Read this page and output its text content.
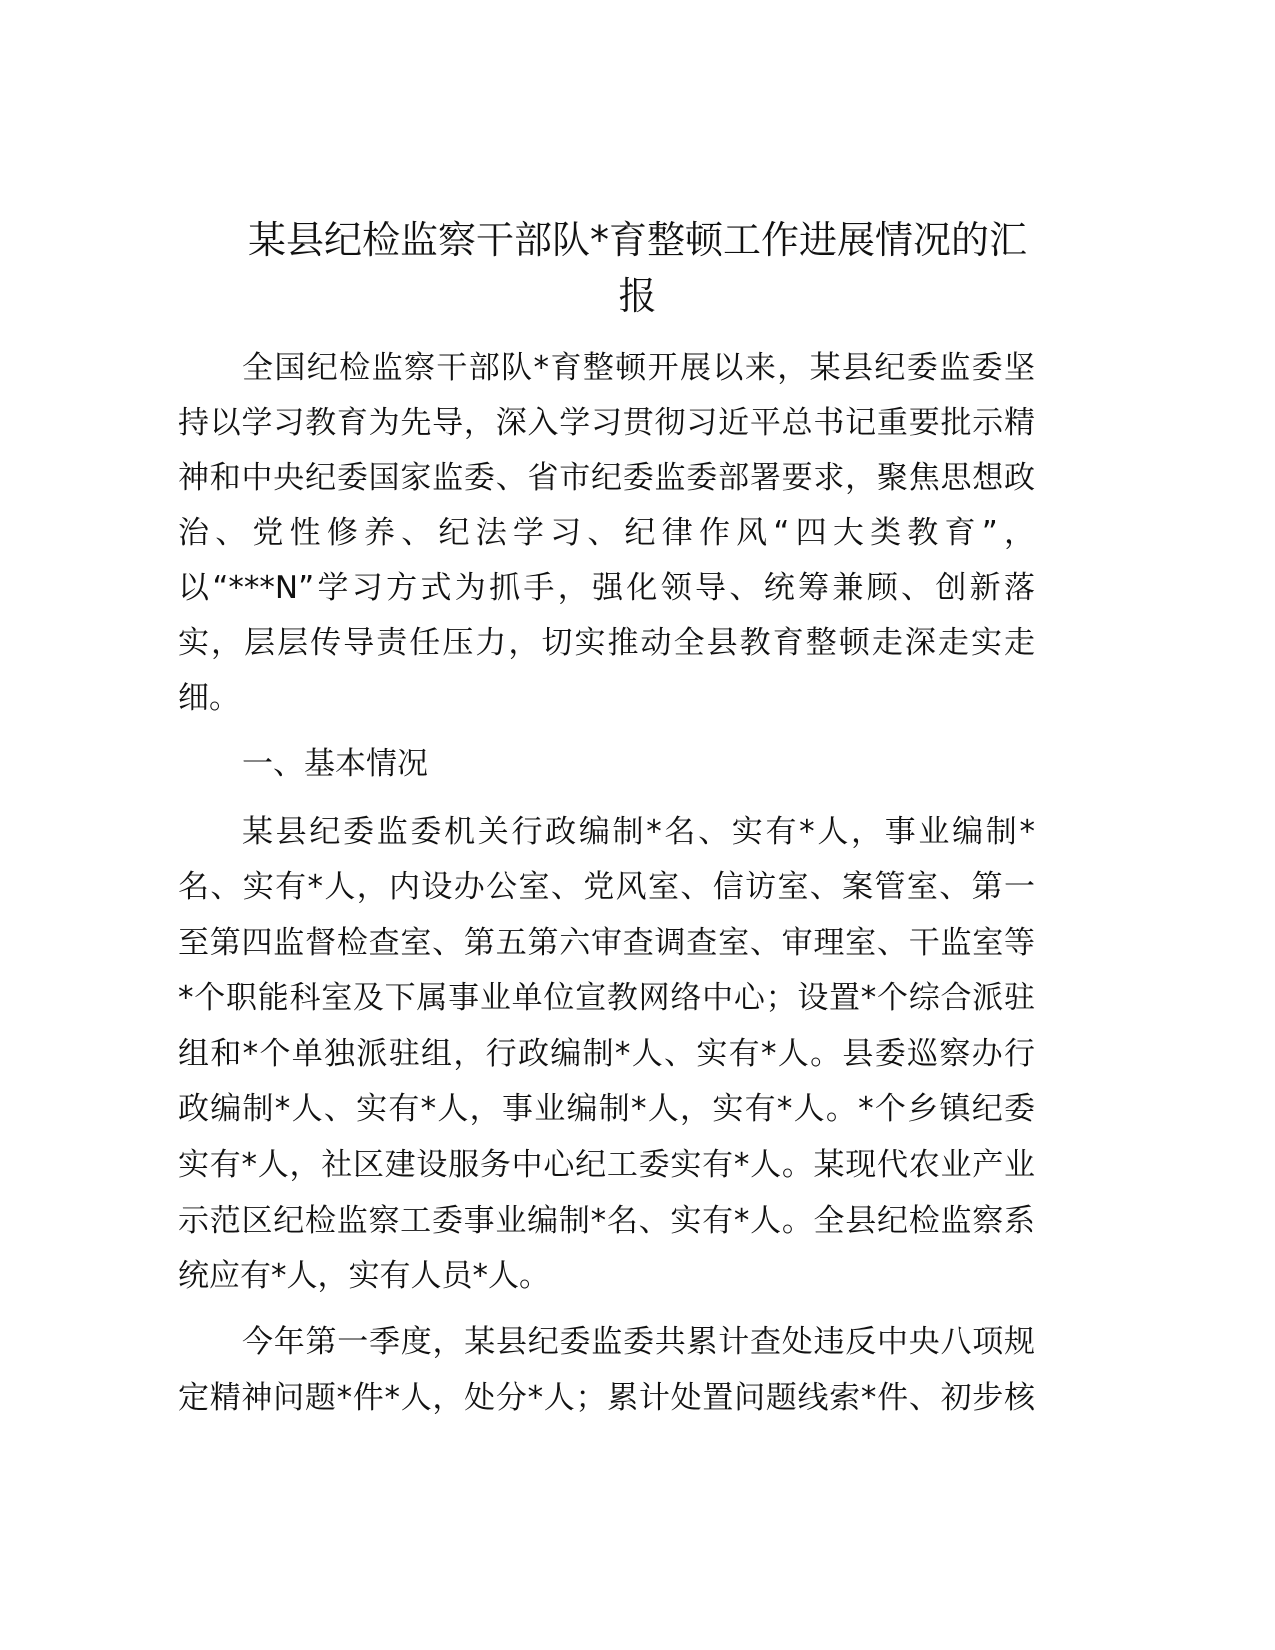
某县纪检监察干部队*育整顿工作进展情况的汇
报
全国纪检监察干部队*育整顿开展以来，某县纪委监委坚
持以学习教育为先导，深入学习贯彻习近平总书记重要批示精
神和中央纪委国家监委、省市纪委监委部署要求，聚焦思想政
治、党性修养、纪法学习、纪律作风“四大类教育”，
以“***N”学习方式为抓手，强化领导、统筹兼顾、创新落
实，层层传导责任压力，切实推动全县教育整顿走深走实走
细。
一、基本情况
某县纪委监委机关行政编制*名、实有*人，事业编制*
名、实有*人，内设办公室、党风室、信访室、案管室、第一
至第四监督检查室、第五第六审查调查室、审理室、干监室等
*个职能科室及下属事业单位宣教网络中心；设置*个综合派驻
组和*个单独派驻组，行政编制*人、实有*人。县委巡察办行
政编制*人、实有*人，事业编制*人，实有*人。*个乡镇纪委
实有*人，社区建设服务中心纪工委实有*人。某现代农业产业
示范区纪检监察工委事业编制*名、实有*人。全县纪检监察系
统应有*人，实有人员*人。
今年第一季度，某县纪委监委共累计查处违反中央八项规
定精神问题*件*人，处分*人；累计处置问题线索*件、初步核
